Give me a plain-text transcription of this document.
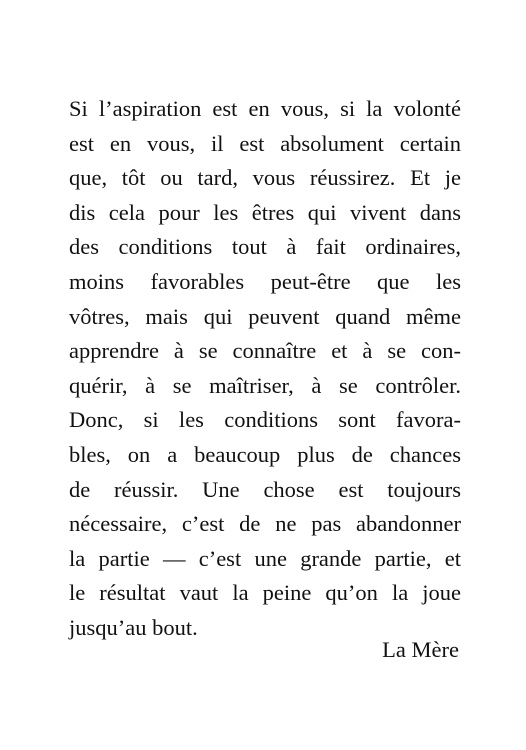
Si l’aspiration est en vous, si la volonté
est en vous, il est absolument certain
que, tôt ou tard, vous réussirez. Et je
dis cela pour les êtres qui vivent dans
des conditions tout à fait ordinaires,
moins favorables peut-être que les
vôtres, mais qui peuvent quand même
apprendre à se connaître et à se con-
quérir, à se maîtriser, à se contrôler.
Donc, si les conditions sont favora-
bles, on a beaucoup plus de chances
de réussir. Une chose est toujours
nécessaire, c’est de ne pas abandonner
la partie — c’est une grande partie, et
le résultat vaut la peine qu’on la joue
jusqu’au bout.
La Mère
